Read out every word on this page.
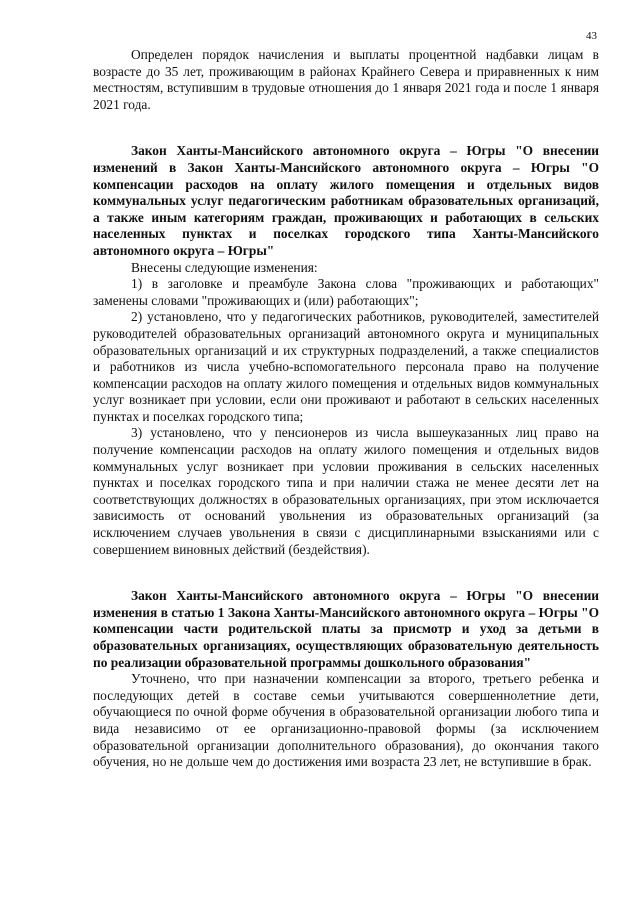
43

Определен порядок начисления и выплаты процентной надбавки лицам в возрасте до 35 лет, проживающим в районах Крайнего Севера и приравненных к ним местностям, вступившим в трудовые отношения до 1 января 2021 года и после 1 января 2021 года.

Закон Ханты-Мансийского автономного округа – Югры "О внесении изменений в Закон Ханты-Мансийского автономного округа – Югры "О компенсации расходов на оплату жилого помещения и отдельных видов коммунальных услуг педагогическим работникам образовательных организаций, а также иным категориям граждан, проживающих и работающих в сельских населенных пунктах и поселках городского типа Ханты-Мансийского автономного округа – Югры"

Внесены следующие изменения:

1) в заголовке и преамбуле Закона слова "проживающих и работающих" заменены словами "проживающих и (или) работающих";

2) установлено, что у педагогических работников, руководителей, заместителей руководителей образовательных организаций автономного округа и муниципальных образовательных организаций и их структурных подразделений, а также специалистов и работников из числа учебно-вспомогательного персонала право на получение компенсации расходов на оплату жилого помещения и отдельных видов коммунальных услуг возникает при условии, если они проживают и работают в сельских населенных пунктах и поселках городского типа;

3) установлено, что у пенсионеров из числа вышеуказанных лиц право на получение компенсации расходов на оплату жилого помещения и отдельных видов коммунальных услуг возникает при условии проживания в сельских населенных пунктах и поселках городского типа и при наличии стажа не менее десяти лет на соответствующих должностях в образовательных организациях, при этом исключается зависимость от оснований увольнения из образовательных организаций (за исключением случаев увольнения в связи с дисциплинарными взысканиями или с совершением виновных действий (бездействия).

Закон Ханты-Мансийского автономного округа – Югры "О внесении изменения в статью 1 Закона Ханты-Мансийского автономного округа – Югры "О компенсации части родительской платы за присмотр и уход за детьми в образовательных организациях, осуществляющих образовательную деятельность по реализации образовательной программы дошкольного образования"

Уточнено, что при назначении компенсации за второго, третьего ребенка и последующих детей в составе семьи учитываются совершеннолетние дети, обучающиеся по очной форме обучения в образовательной организации любого типа и вида независимо от ее организационно-правовой формы (за исключением образовательной организации дополнительного образования), до окончания такого обучения, но не дольше чем до достижения ими возраста 23 лет, не вступившие в брак.
